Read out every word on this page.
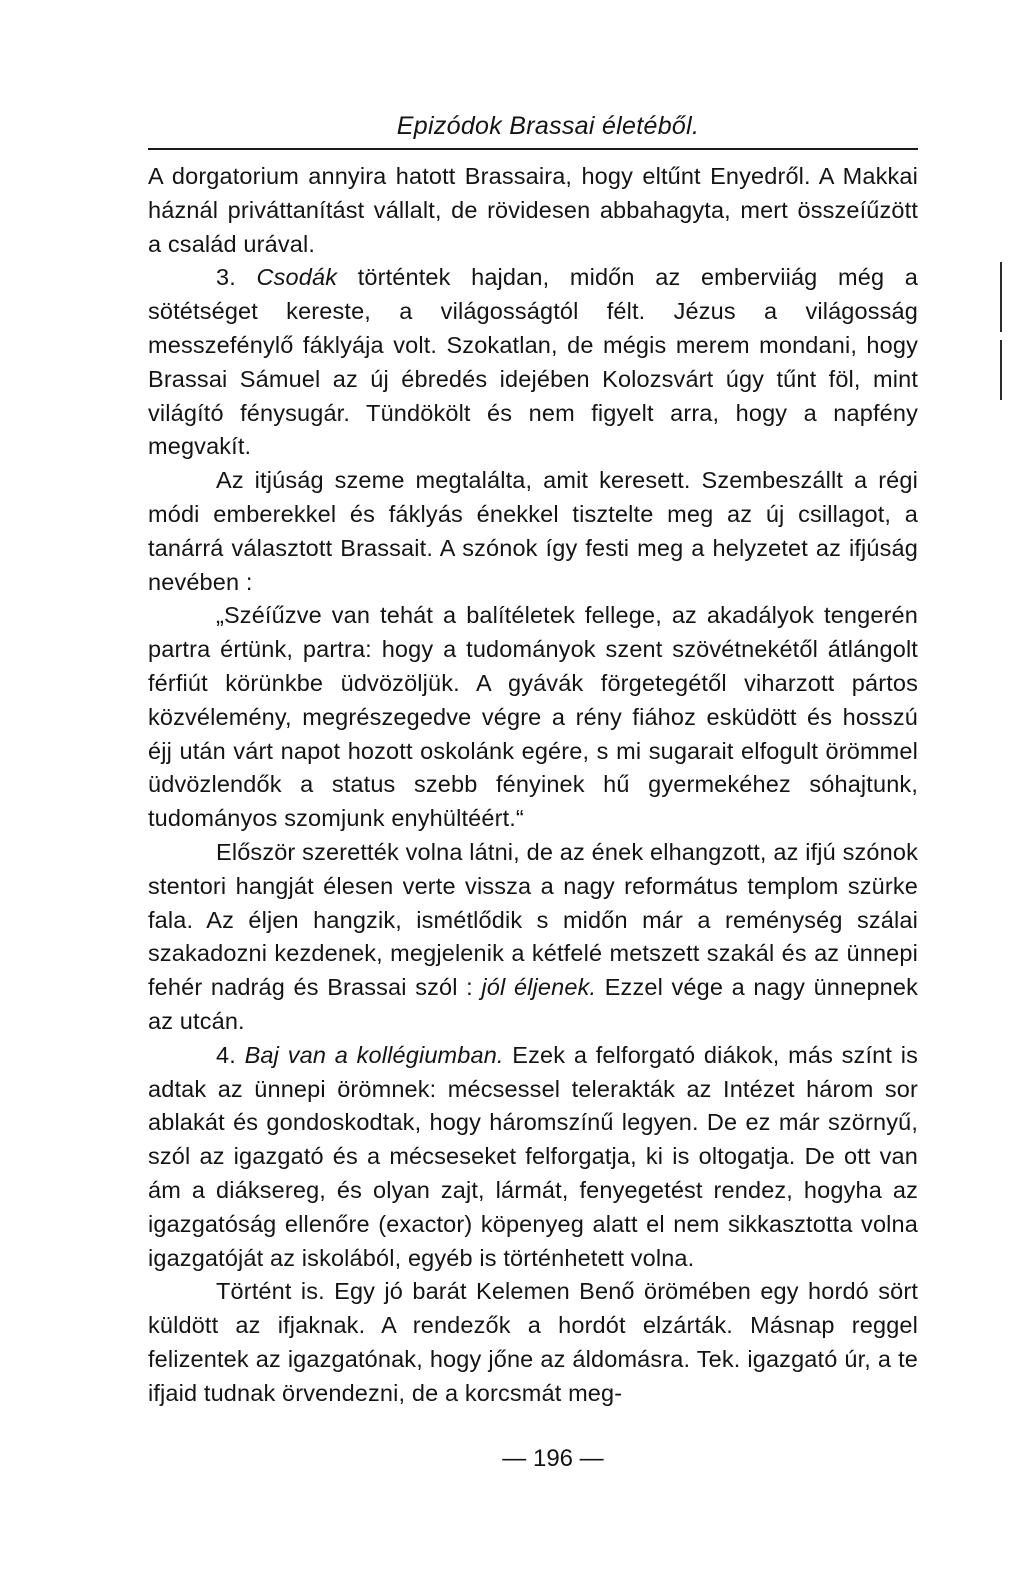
Epizódok Brassai életéből.

A dorgatorium annyira hatott Brassaira, hogy eltűnt Enyedről. A Makkai háznál priváttanítást vállalt, de rövidesen abbahagyta, mert összeíűzött a család urával.

3. Csodák történtek hajdan, midőn az emberviiág még a sötétséget kereste, a világosságtól félt. Jézus a világosság messzefénylő fáklyája volt. Szokatlan, de mégis merem mondani, hogy Brassai Sámuel az új ébredés idejében Kolozsvárt úgy tűnt föl, mint világító fénysugár. Tündökölt és nem figyelt arra, hogy a napfény megvakít.

Az itjúság szeme megtalálta, amit keresett. Szembeszállt a régi módi emberekkel és fáklyás énekkel tisztelte meg az új csillagot, a tanárrá választott Brassait. A szónok így festi meg a helyzetet az ifjúság nevében :

„Széíűzve van tehát a balítéletek fellege, az akadályok tengerén partra értünk, partra: hogy a tudományok szent szövétnekétől átlángolt férfiút körünkbe üdvözöljük. A gyávák förgetegétől viharzott pártos közvélemény, megrészegedve végre a rény fiához esküdött és hosszú éjj után várt napot hozott oskolánk egére, s mi sugarait elfogult örömmel üdvözlendők a status szebb fényinek hű gyermekéhez sóhajtunk, tudományos szomjunk enyhültéért.“

Először szerették volna látni, de az ének elhangzott, az ifjú szónok stentori hangját élesen verte vissza a nagy református templom szürke fala. Az éljen hangzik, ismétlődik s midőn már a reménység szálai szakadozni kezdenek, megjelenik a kétfelé metszett szakál és az ünnepi fehér nadrág és Brassai szól : jól éljenek. Ezzel vége a nagy ünnepnek az utcán.

4. Baj van a kollégiumban. Ezek a felforgató diákok, más színt is adtak az ünnepi örömnek: mécsessel telerakták az Intézet három sor ablakát és gondoskodtak, hogy háromszínű legyen. De ez már szörnyű, szól az igazgató és a mécseseket felforgatja, ki is oltogatja. De ott van ám a diáksereg, és olyan zajt, lármát, fenyegetést rendez, hogyha az igazgatóság ellenőre (exactor) köpenyeg alatt el nem sikkasztotta volna igazgatóját az iskolából, egyéb is történhetett volna.

Történt is. Egy jó barát Kelemen Benő örömében egy hordó sört küldött az ifjaknak. A rendezők a hordót elzárták. Másnap reggel felizentek az igazgatónak, hogy jőne az áldomásra. Tek. igazgató úr, a te ifjaid tudnak örvendezni, de a korcsmát meg-

— 196 —
